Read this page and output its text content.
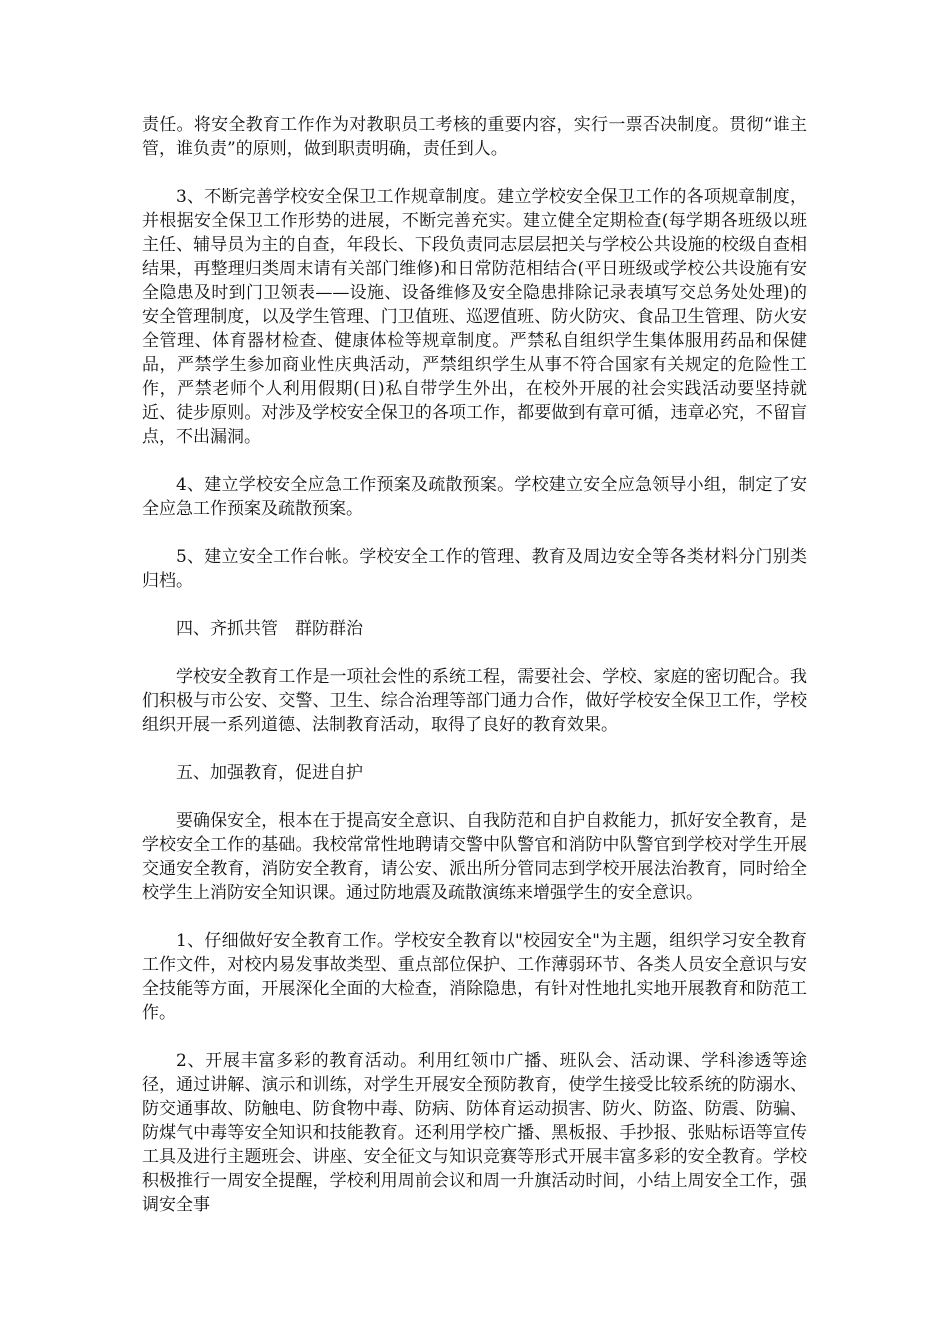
责任。将安全教育工作作为对教职员工考核的重要内容，实行一票否决制度。贯彻“谁主管，谁负责”的原则，做到职责明确，责任到人。

3、不断完善学校安全保卫工作规章制度。建立学校安全保卫工作的各项规章制度，并根据安全保卫工作形势的进展，不断完善充实。建立健全定期检查(每学期各班级以班主任、辅导员为主的自查，年段长、下段负责同志层层把关与学校公共设施的校级自查相结果，再整理归类周末请有关部门维修)和日常防范相结合(平日班级或学校公共设施有安全隐患及时到门卫领表——设施、设备维修及安全隐患排除记录表填写交总务处处理)的安全管理制度，以及学生管理、门卫值班、巡逻值班、防火防灾、食品卫生管理、防火安全管理、体育器材检查、健康体检等规章制度。严禁私自组织学生集体服用药品和保健品，严禁学生参加商业性庆典活动，严禁组织学生从事不符合国家有关规定的危险性工作，严禁老师个人利用假期(日)私自带学生外出，在校外开展的社会实践活动要坚持就近、徒步原则。对涉及学校安全保卫的各项工作，都要做到有章可循，违章必究，不留盲点，不出漏洞。

4、建立学校安全应急工作预案及疏散预案。学校建立安全应急领导小组，制定了安全应急工作预案及疏散预案。

5、建立安全工作台帐。学校安全工作的管理、教育及周边安全等各类材料分门别类归档。

四、齐抓共管　群防群治

学校安全教育工作是一项社会性的系统工程，需要社会、学校、家庭的密切配合。我们积极与市公安、交警、卫生、综合治理等部门通力合作，做好学校安全保卫工作，学校组织开展一系列道德、法制教育活动，取得了良好的教育效果。

五、加强教育，促进自护

要确保安全，根本在于提高安全意识、自我防范和自护自救能力，抓好安全教育，是学校安全工作的基础。我校常常性地聘请交警中队警官和消防中队警官到学校对学生开展交通安全教育，消防安全教育，请公安、派出所分管同志到学校开展法治教育，同时给全校学生上消防安全知识课。通过防地震及疏散演练来增强学生的安全意识。

1、仔细做好安全教育工作。学校安全教育以"校园安全"为主题，组织学习安全教育工作文件，对校内易发事故类型、重点部位保护、工作薄弱环节、各类人员安全意识与安全技能等方面，开展深化全面的大检查，消除隐患，有针对性地扎实地开展教育和防范工作。

2、开展丰富多彩的教育活动。利用红领巾广播、班队会、活动课、学科渗透等途径，通过讲解、演示和训练，对学生开展安全预防教育，使学生接受比较系统的防溺水、防交通事故、防触电、防食物中毒、防病、防体育运动损害、防火、防盗、防震、防骗、防煤气中毒等安全知识和技能教育。还利用学校广播、黑板报、手抄报、张贴标语等宣传工具及进行主题班会、讲座、安全征文与知识竞赛等形式开展丰富多彩的安全教育。学校积极推行一周安全提醒，学校利用周前会议和周一升旗活动时间，小结上周安全工作，强调安全事
